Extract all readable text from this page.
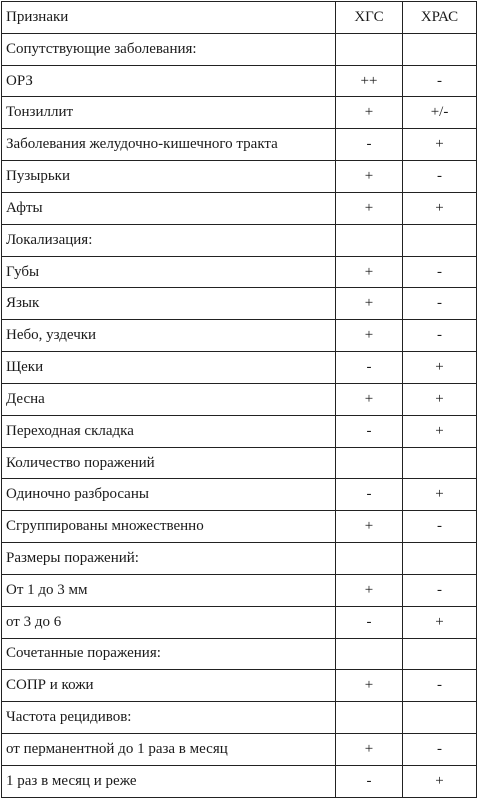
Признаки	ХГС	ХРАС
Сопутствующие заболевания:		
ОРЗ	++	-
Тонзиллит	+	+/-
Заболевания желудочно-кишечного тракта	-	+
Пузырьки	+	-
Афты	+	+
Локализация:		
Губы	+	-
Язык	+	-
Небо, уздечки	+	-
Щеки	-	+
Десна	+	+
Переходная складка	-	+
Количество поражений		
Одиночно разбросаны	-	+
Сгруппированы множественно	+	-
Размеры поражений:		
От 1 до 3 мм	+	-
от 3 до 6	-	+
Сочетанные поражения:		
СОПР и кожи	+	-
Частота рецидивов:		
от перманентной до 1 раза в месяц	+	-
1 раз в месяц и реже	-	+
